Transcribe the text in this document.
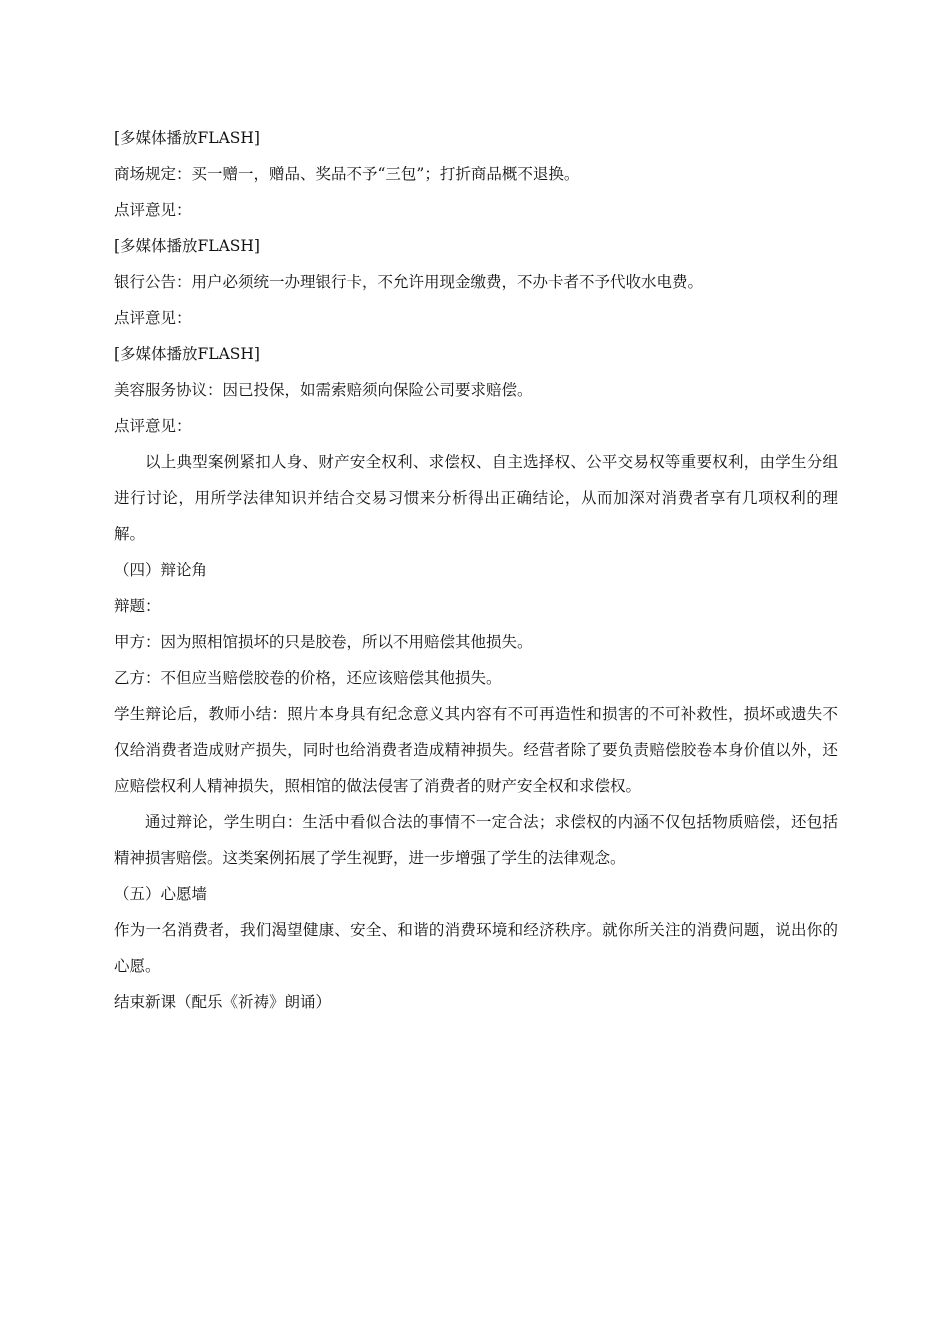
[多媒体播放FLASH]
商场规定：买一赠一，赠品、奖品不予“三包”；打折商品概不退换。
点评意见：
[多媒体播放FLASH]
银行公告：用户必须统一办理银行卡，不允许用现金缴费，不办卡者不予代收水电费。
点评意见：
[多媒体播放FLASH]
美容服务协议：因已投保，如需索赔须向保险公司要求赔偿。
点评意见：

以上典型案例紧扣人身、财产安全权利、求偿权、自主选择权、公平交易权等重要权利，由学生分组进行讨论，用所学法律知识并结合交易习惯来分析得出正确结论，从而加深对消费者享有几项权利的理解。

（四）辩论角
辩题：
甲方：因为照相馆损坏的只是胶卷，所以不用赔偿其他损失。
乙方：不但应当赔偿胶卷的价格，还应该赔偿其他损失。

学生辩论后，教师小结：照片本身具有纪念意义其内容有不可再造性和损害的不可补救性，损坏或遗失不仅给消费者造成财产损失，同时也给消费者造成精神损失。经营者除了要负责赔偿胶卷本身价值以外，还应赔偿权利人精神损失，照相馆的做法侵害了消费者的财产安全权和求偿权。

通过辩论，学生明白：生活中看似合法的事情不一定合法；求偿权的内涵不仅包括物质赔偿，还包括精神损害赔偿。这类案例拓展了学生视野，进一步增强了学生的法律观念。

（五）心愿墙

作为一名消费者，我们渴望健康、安全、和谐的消费环境和经济秩序。就你所关注的消费问题，说出你的心愿。

结束新课（配乐《祈祷》朗诵）
